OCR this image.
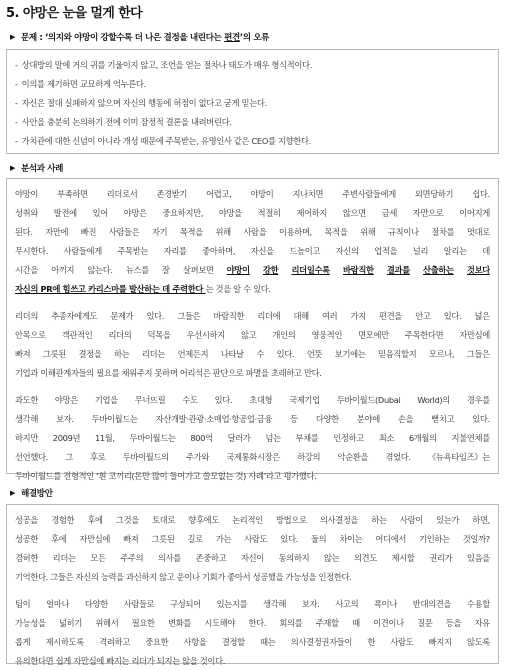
5. 야망은 눈을 멀게 한다
▶ 문제 : ‘의지와 야망이 강할수록 더 나은 결정을 내린다는 편견’의 오류
- 상대방의 말에 거의 귀를 기울이지 않고, 조언을 얻는 절차나 태도가 매우 형식적이다.
- 이의를 제기하면 교묘하게 억누른다.
- 자신은 절대 실패하지 않으며 자신의 행동에 허점이 없다고 굳게 믿는다.
- 사안을 충분히 논의하기 전에 이미 잠정적 결론을 내려버린다.
- 가치관에 대한 신념이 아니라 개성 때문에 주목받는, 유명인사 같은 CEO를 지향한다.
▶ 분석과 사례
야망이 부족하면 리더로서 존경받기 어렵고, 야망이 지나치면 주변사람들에게 외면당하기 쉽다.
성취와 발전에 있어 야망은 중요하지만, 야망을 적절히 제어하지 않으면 금세 자만으로 이어지게
된다. 자만에 빠진 사람들은 자기 목적을 위해 사람을 이용하며, 목적을 위해 규칙이나 절차를 멋대로
무시한다. 사람들에게 주목받는 자리를 좋아하며, 자신을 드높이고 자신의 업적을 널리 알리는 데
시간을 아끼지 않는다. 뉴스를 잘 살펴보면 야망이 강한 리더일수록 바람직한 결과를 산출하는 것보다
자신의 PR에 힘쓰고 카리스마를 발산하는 데 주력한다 는 것을 알 수 있다.
리더의 추종자에게도 문제가 있다. 그들은 바람직한 리더에 대해 여러 가지 편견을 안고 있다. 넓은
안목으로 객관적인 리더의 덕목을 우선시하지 않고 개인의 영웅적인 면모에만 주목한다면 자만심에
빠져 그릇된 결정을 하는 리더는 언제든지 나타날 수 있다. 언뜻 보기에는 믿음직할지 모르나, 그들은
기업과 이해관계자들의 필요를 채워주지 못하며 어리석은 판단으로 파멸을 초래하고 만다.
과도한 야망은 기업을 무너뜨릴 수도 있다. 초대형 국제기업 두바이월드(Dubai World)의 경우를
생각해 보자. 두바이월드는 자산개발·관광·소매업·항공업·금융 등 다양한 분야에 손을 뻗치고 있다.
하지만 2009년 11월, 두바이월드는 800억 달러가 넘는 부채를 인정하고 최소 6개월의 지불연체를
선언했다. 그 후로 두바이월드의 주가와 국제통화시장은 하강의 악순환을 겪었다. 《뉴욕타임즈》는
두바이월드를 전형적인 ‘흰 코끼리(돈만 많이 들어가고 쓸모없는 것) 사례’라고 평가했다.
▶ 해결방안
성공을 경험한 후에 그것을 토대로 향후에도 논리적인 방법으로 의사결정을 하는 사람이 있는가 하면,
성공한 후에 자만심에 빠져 그릇된 길로 가는 사람도 있다. 둘의 차이는 어디에서 기인하는 것일까?
겸허한 리더는 모든 주주의 의사를 존중하고 자신이 동의하지 않는 의견도 제시할 권리가 있음을
기억한다. 그들은 자신의 능력을 과신하지 않고 운이나 기회가 좋아서 성공했을 가능성을 인정한다.
팀이 얼마나 다양한 사람들로 구성되어 있는지를 생각해 보자. 사고의 폭이나 반대의견을 수용할
가능성을 넓히기 위해서 필요한 변화를 시도해야 한다. 회의를 주재할 때 이견이나 질문 등을 자유
롭게 제시하도록 격려하고 중요한 사항을 결정할 때는 의사결정권자들이 한 사람도 빠지지 않도록
유의한다면 쉽게 자만심에 빠지는 리더가 되지는 않을 것이다.
